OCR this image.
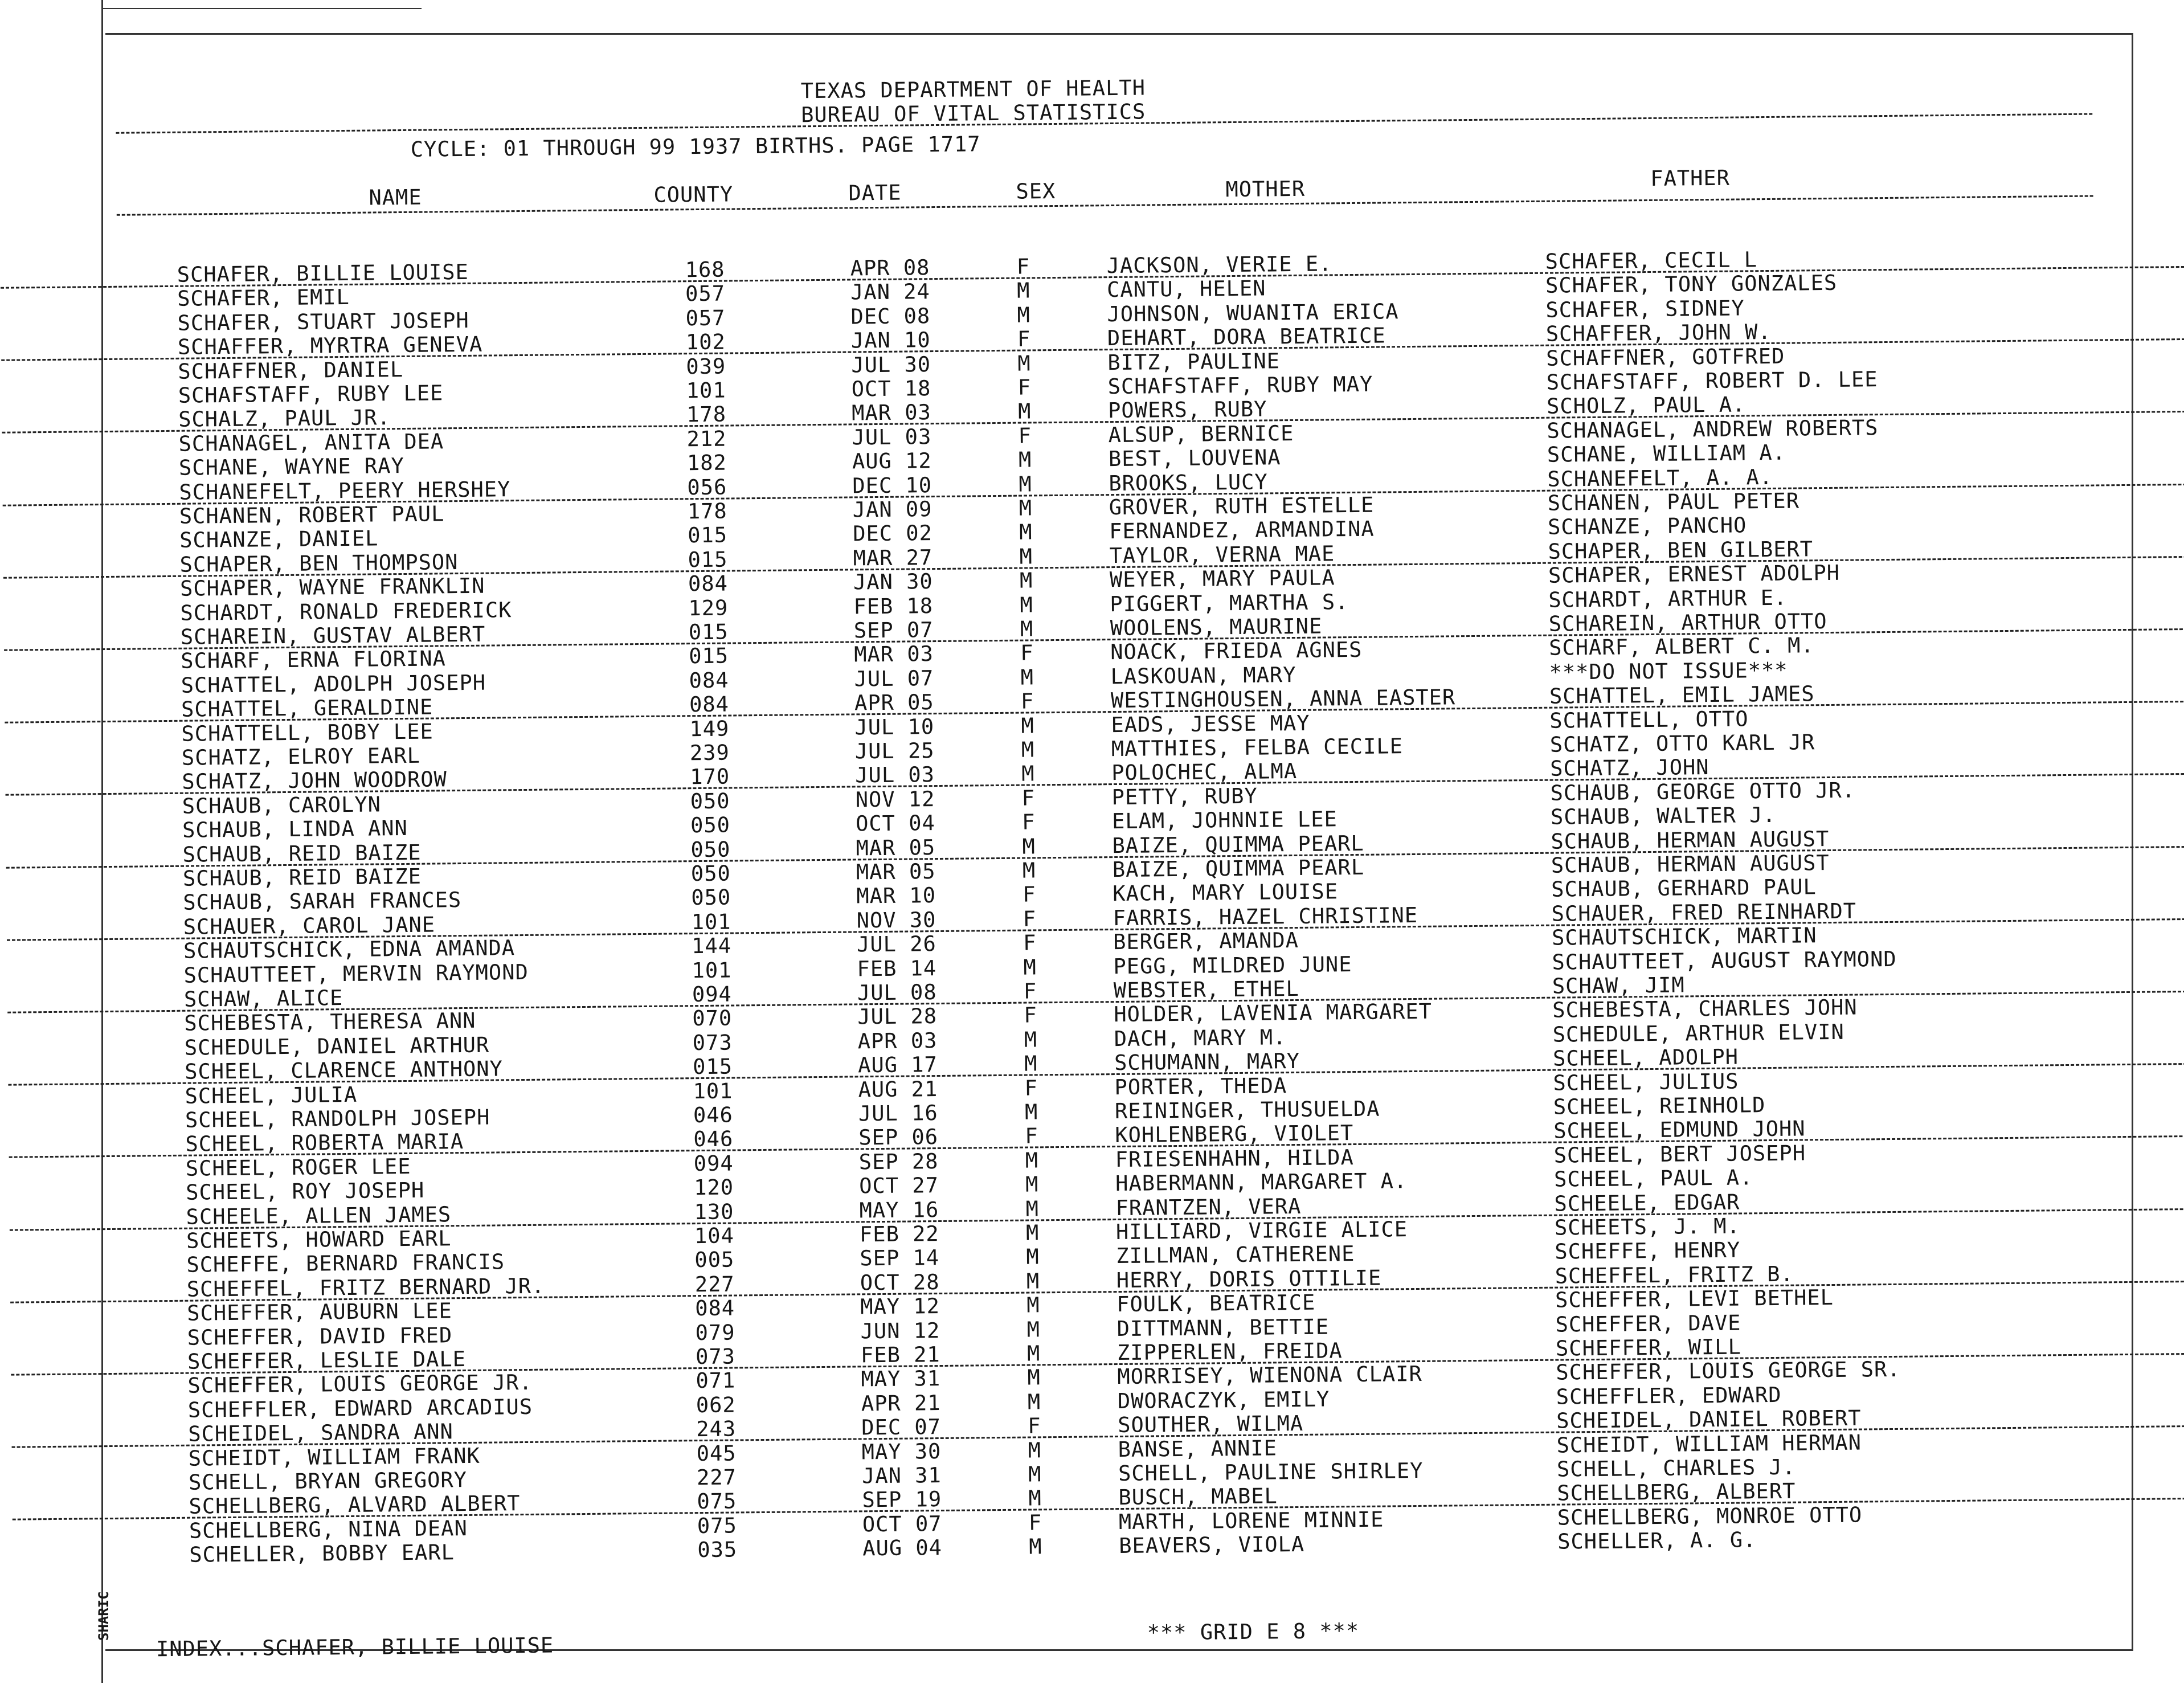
SHARIC
TEXAS DEPARTMENT OF HEALTH
BUREAU OF VITAL STATISTICS
CYCLE: 01 THROUGH 99 1937 BIRTHS. PAGE 1717
NAME	COUNTY	DATE	SEX	MOTHER	FATHER
SCHAFER, BILLIE LOUISE	168	APR 08	F	JACKSON, VERIE E.	SCHAFER, CECIL L
SCHAFER, EMIL	057	JAN 24	M	CANTU, HELEN	SCHAFER, TONY GONZALES
SCHAFER, STUART JOSEPH	057	DEC 08	M	JOHNSON, WUANITA ERICA	SCHAFER, SIDNEY
SCHAFFER, MYRTRA GENEVA	102	JAN 10	F	DEHART, DORA BEATRICE	SCHAFFER, JOHN W.
SCHAFFNER, DANIEL	039	JUL 30	M	BITZ, PAULINE	SCHAFFNER, GOTFRED
SCHAFSTAFF, RUBY LEE	101	OCT 18	F	SCHAFSTAFF, RUBY MAY	SCHAFSTAFF, ROBERT D. LEE
SCHALZ, PAUL JR.	178	MAR 03	M	POWERS, RUBY	SCHOLZ, PAUL A.
SCHANAGEL, ANITA DEA	212	JUL 03	F	ALSUP, BERNICE	SCHANAGEL, ANDREW ROBERTS
SCHANE, WAYNE RAY	182	AUG 12	M	BEST, LOUVENA	SCHANE, WILLIAM A.
SCHANEFELT, PEERY HERSHEY	056	DEC 10	M	BROOKS, LUCY	SCHANEFELT, A. A.
SCHANEN, ROBERT PAUL	178	JAN 09	M	GROVER, RUTH ESTELLE	SCHANEN, PAUL PETER
SCHANZE, DANIEL	015	DEC 02	M	FERNANDEZ, ARMANDINA	SCHANZE, PANCHO
SCHAPER, BEN THOMPSON	015	MAR 27	M	TAYLOR, VERNA MAE	SCHAPER, BEN GILBERT
SCHAPER, WAYNE FRANKLIN	084	JAN 30	M	WEYER, MARY PAULA	SCHAPER, ERNEST ADOLPH
SCHARDT, RONALD FREDERICK	129	FEB 18	M	PIGGERT, MARTHA S.	SCHARDT, ARTHUR E.
SCHAREIN, GUSTAV ALBERT	015	SEP 07	M	WOOLENS, MAURINE	SCHAREIN, ARTHUR OTTO
SCHARF, ERNA FLORINA	015	MAR 03	F	NOACK, FRIEDA AGNES	SCHARF, ALBERT C. M.
SCHATTEL, ADOLPH JOSEPH	084	JUL 07	M	LASKOUAN, MARY	***DO NOT ISSUE***
SCHATTEL, GERALDINE	084	APR 05	F	WESTINGHOUSEN, ANNA EASTER	SCHATTEL, EMIL JAMES
SCHATTELL, BOBY LEE	149	JUL 10	M	EADS, JESSE MAY	SCHATTELL, OTTO
SCHATZ, ELROY EARL	239	JUL 25	M	MATTHIES, FELBA CECILE	SCHATZ, OTTO KARL JR
SCHATZ, JOHN WOODROW	170	JUL 03	M	POLOCHEC, ALMA	SCHATZ, JOHN
SCHAUB, CAROLYN	050	NOV 12	F	PETTY, RUBY	SCHAUB, GEORGE OTTO JR.
SCHAUB, LINDA ANN	050	OCT 04	F	ELAM, JOHNNIE LEE	SCHAUB, WALTER J.
SCHAUB, REID BAIZE	050	MAR 05	M	BAIZE, QUIMMA PEARL	SCHAUB, HERMAN AUGUST
SCHAUB, REID BAIZE	050	MAR 05	M	BAIZE, QUIMMA PEARL	SCHAUB, HERMAN AUGUST
SCHAUB, SARAH FRANCES	050	MAR 10	F	KACH, MARY LOUISE	SCHAUB, GERHARD PAUL
SCHAUER, CAROL JANE	101	NOV 30	F	FARRIS, HAZEL CHRISTINE	SCHAUER, FRED REINHARDT
SCHAUTSCHICK, EDNA AMANDA	144	JUL 26	F	BERGER, AMANDA	SCHAUTSCHICK, MARTIN
SCHAUTTEET, MERVIN RAYMOND	101	FEB 14	M	PEGG, MILDRED JUNE	SCHAUTTEET, AUGUST RAYMOND
SCHAW, ALICE	094	JUL 08	F	WEBSTER, ETHEL	SCHAW, JIM
SCHEBESTA, THERESA ANN	070	JUL 28	F	HOLDER, LAVENIA MARGARET	SCHEBESTA, CHARLES JOHN
SCHEDULE, DANIEL ARTHUR	073	APR 03	M	DACH, MARY M.	SCHEDULE, ARTHUR ELVIN
SCHEEL, CLARENCE ANTHONY	015	AUG 17	M	SCHUMANN, MARY	SCHEEL, ADOLPH
SCHEEL, JULIA	101	AUG 21	F	PORTER, THEDA	SCHEEL, JULIUS
SCHEEL, RANDOLPH JOSEPH	046	JUL 16	M	REININGER, THUSUELDA	SCHEEL, REINHOLD
SCHEEL, ROBERTA MARIA	046	SEP 06	F	KOHLENBERG, VIOLET	SCHEEL, EDMUND JOHN
SCHEEL, ROGER LEE	094	SEP 28	M	FRIESENHAHN, HILDA	SCHEEL, BERT JOSEPH
SCHEEL, ROY JOSEPH	120	OCT 27	M	HABERMANN, MARGARET A.	SCHEEL, PAUL A.
SCHEELE, ALLEN JAMES	130	MAY 16	M	FRANTZEN, VERA	SCHEELE, EDGAR
SCHEETS, HOWARD EARL	104	FEB 22	M	HILLIARD, VIRGIE ALICE	SCHEETS, J. M.
SCHEFFE, BERNARD FRANCIS	005	SEP 14	M	ZILLMAN, CATHERENE	SCHEFFE, HENRY
SCHEFFEL, FRITZ BERNARD JR.	227	OCT 28	M	HERRY, DORIS OTTILIE	SCHEFFEL, FRITZ B.
SCHEFFER, AUBURN LEE	084	MAY 12	M	FOULK, BEATRICE	SCHEFFER, LEVI BETHEL
SCHEFFER, DAVID FRED	079	JUN 12	M	DITTMANN, BETTIE	SCHEFFER, DAVE
SCHEFFER, LESLIE DALE	073	FEB 21	M	ZIPPERLEN, FREIDA	SCHEFFER, WILL
SCHEFFER, LOUIS GEORGE JR.	071	MAY 31	M	MORRISEY, WIENONA CLAIR	SCHEFFER, LOUIS GEORGE SR.
SCHEFFLER, EDWARD ARCADIUS	062	APR 21	M	DWORACZYK, EMILY	SCHEFFLER, EDWARD
SCHEIDEL, SANDRA ANN	243	DEC 07	F	SOUTHER, WILMA	SCHEIDEL, DANIEL ROBERT
SCHEIDT, WILLIAM FRANK	045	MAY 30	M	BANSE, ANNIE	SCHEIDT, WILLIAM HERMAN
SCHELL, BRYAN GREGORY	227	JAN 31	M	SCHELL, PAULINE SHIRLEY	SCHELL, CHARLES J.
SCHELLBERG, ALVARD ALBERT	075	SEP 19	M	BUSCH, MABEL	SCHELLBERG, ALBERT
SCHELLBERG, NINA DEAN	075	OCT 07	F	MARTH, LORENE MINNIE	SCHELLBERG, MONROE OTTO
SCHELLER, BOBBY EARL	035	AUG 04	M	BEAVERS, VIOLA	SCHELLER, A. G.
INDEX...SCHAFER, BILLIE LOUISE
*** GRID E 8 ***
